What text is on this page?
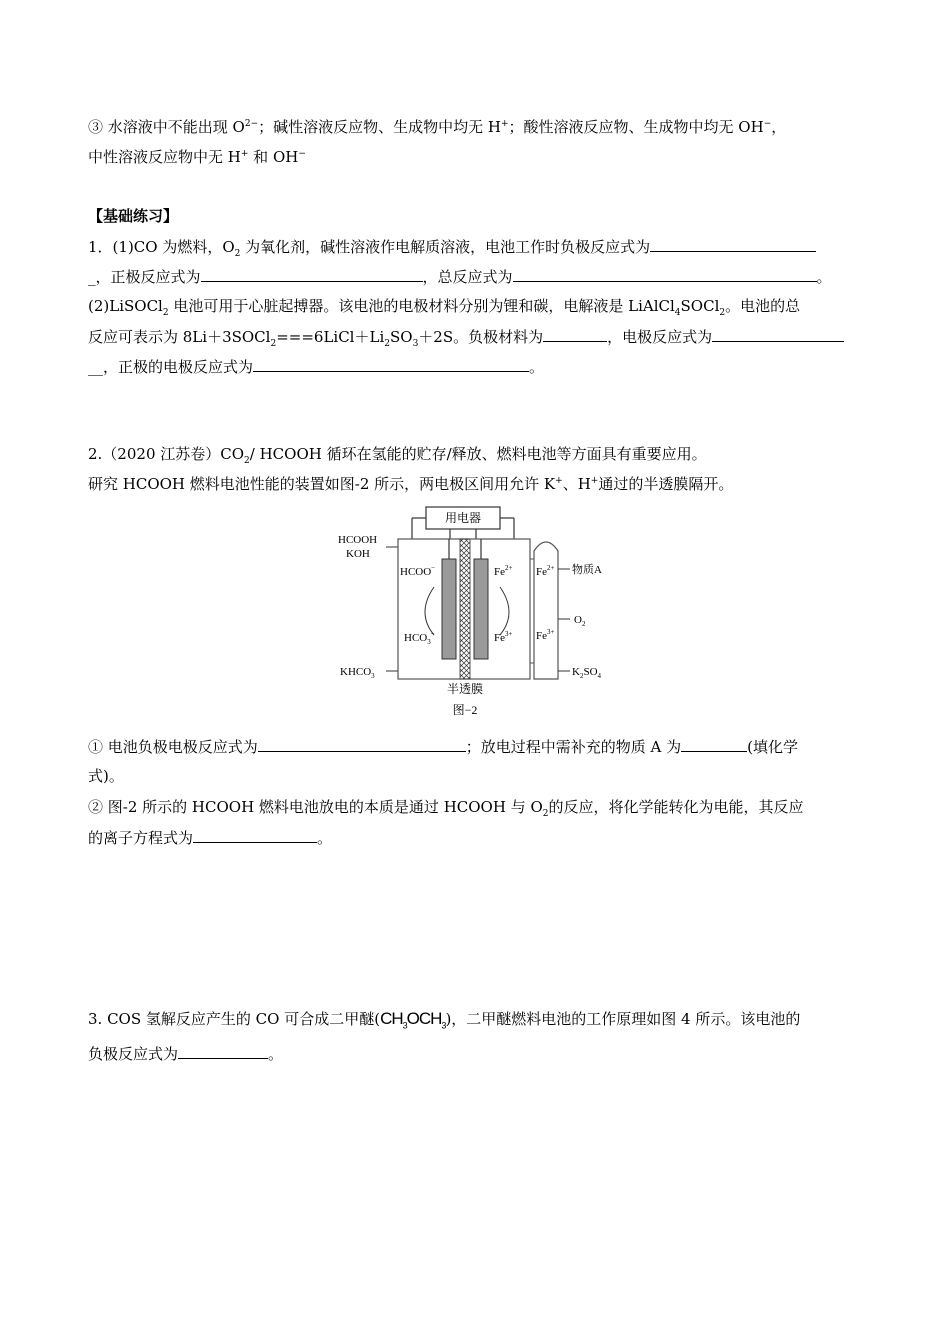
③ 水溶液中不能出现 $O^{2-}$；碱性溶液反应物、生成物中均无 H+；酸性溶液反应物、生成物中均无 OH−，
中性溶液反应物中无 H+ 和 OH−
【基础练习】
1．(1)CO 为燃料，$O_2$ 为氧化剂，碱性溶液作电解质溶液，电池工作时负极反应式为
_，正极反应式为	，总反应式为	。
(2)LiSOCl$_2$ 电池可用于心脏起搏器。该电池的电极材料分别为锂和碳，电解液是 LiAlCl$_4$SOCl$_2$。电池的总
反应可表示为 $8Li+3SOCl_2===6LiCl+Li_2SO_3+2S$。负极材料为	，电极反应式为
__，正极的电极反应式为	。
2.（2020 江苏卷）$CO_2/$ HCOOH 循环在氢能的贮存/释放、燃料电池等方面具有重要应用。
研究 HCOOH 燃料电池性能的装置如图-2 所示，两电极区间用允许 K+、H+通过的半透膜隔开。
用电器
HCOOH
KOH
HCOO−
$HCO_3^-$
$KHCO_3$
$Fe^{2+}$
$Fe^{3+}$
$Fe^{2+}$
$Fe^{3+}$
物质A
$O_2$
$K_2SO_4$
半透膜
图−2
① 电池负极电极反应式为	；放电过程中需补充的物质 A 为	(填化学
式)。
② 图-2 所示的 HCOOH 燃料电池放电的本质是通过 HCOOH 与 $O_2$的反应，将化学能转化为电能，其反应
的离子方程式为	。
3. COS 氢解反应产生的 CO 可合成二甲醚$(CH_3OCH_3)$，二甲醚燃料电池的工作原理如图 4 所示。该电池的
负极反应式为	。
